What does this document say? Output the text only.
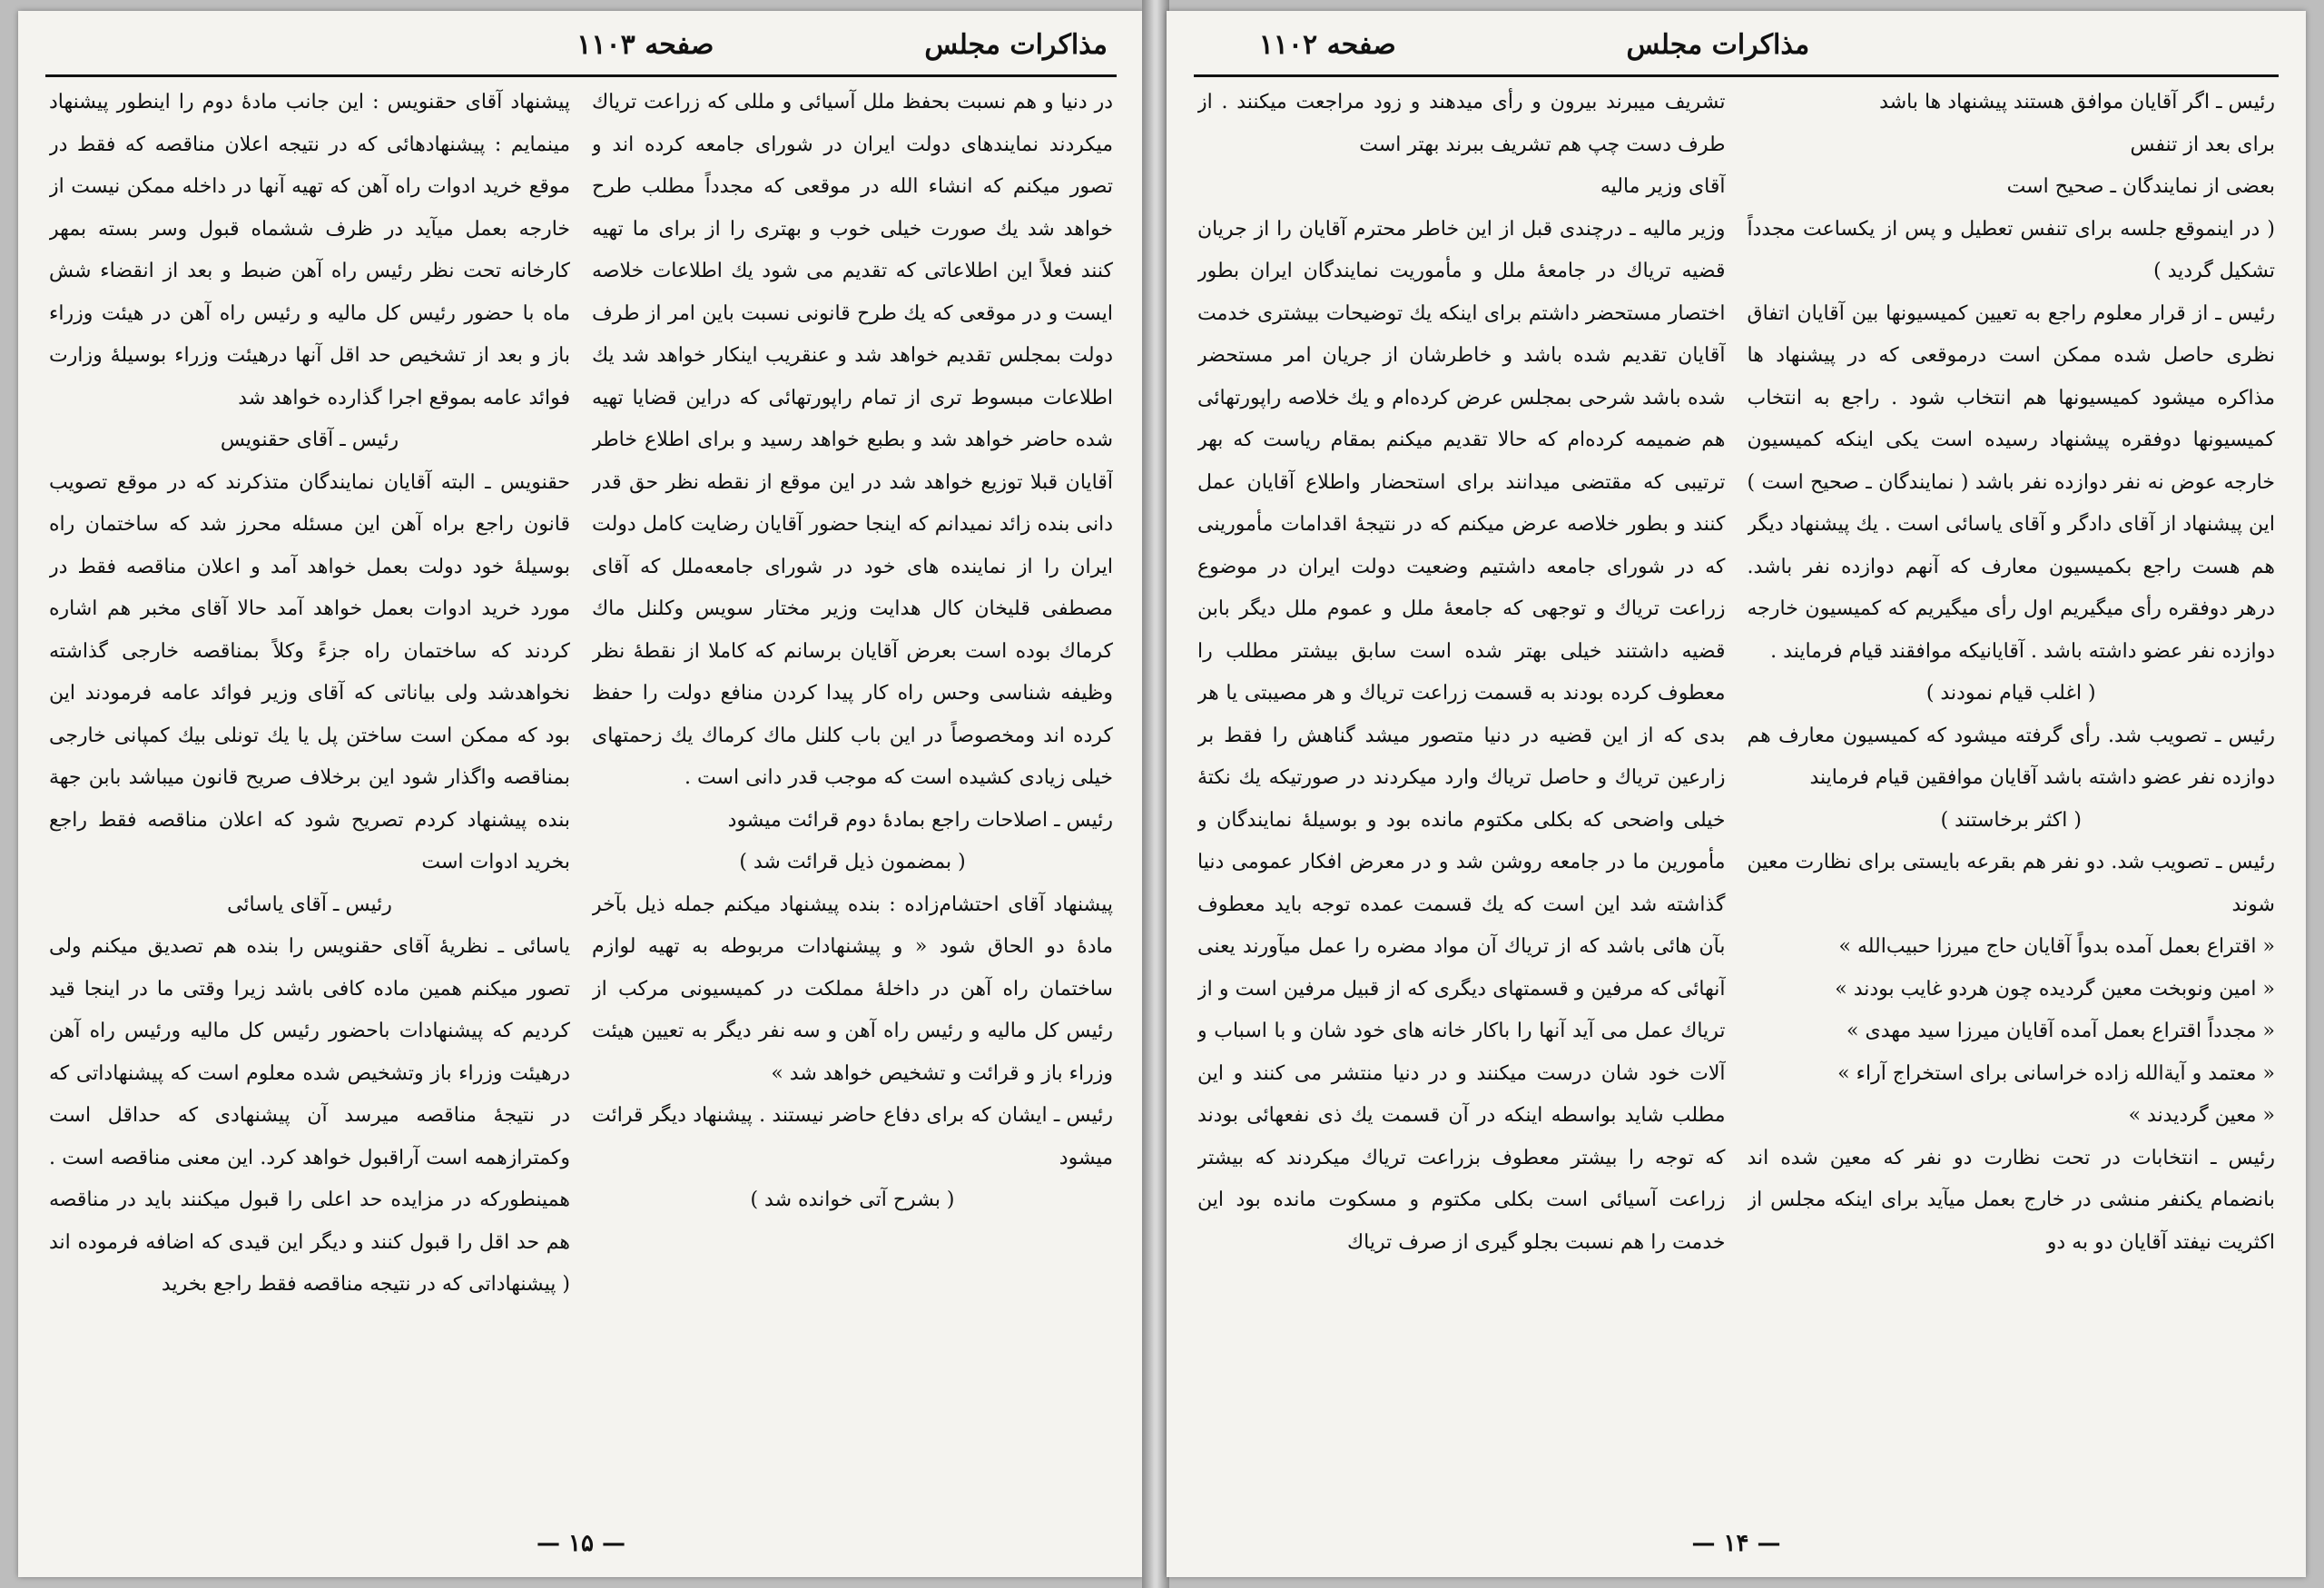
مذاکرات مجلس
صفحه ۱۱۰۳

در دنیا و هم نسبت بحفظ ملل آسیائی و مللی که زراعت تریاك میکردند نمایندهای دولت ایران در شورای جامعه کرده اند و تصور میکنم که انشاء الله در موقعی که مجدداً مطلب طرح خواهد شد یك صورت خیلی خوب و بهتری را از برای ما تهیه کنند فعلاً این اطلاعاتی که تقدیم می شود یك اطلاعات خلاصه ایست و در موقعی که یك طرح قانونی نسبت باین امر از طرف دولت بمجلس تقدیم خواهد شد و عنقریب اینکار خواهد شد یك اطلاعات مبسوط تری از تمام راپورتهائی که دراین قضایا تهیه شده حاضر خواهد شد و بطبع خواهد رسید و برای اطلاع خاطر آقایان قبلا توزیع خواهد شد در این موقع از نقطه نظر حق قدر دانی بنده زائد نمیدانم که اینجا حضور آقایان رضایت کامل دولت ایران را از نماینده های خود در شورای جامعه‌ملل که آقای مصطفی قلیخان کال هدایت وزیر مختار سویس وکلنل ماك کرماك بوده است بعرض آقایان برسانم که کاملا از نقطهٔ نظر وظیفه شناسی وحس راه کار پیدا کردن منافع دولت را حفظ کرده اند ومخصوصاً در این باب کلنل ماك کرماك یك زحمتهای خیلی زیادی کشیده است که موجب قدر دانی است .

رئیس ـ اصلاحات راجع بمادهٔ دوم قرائت میشود

( بمضمون ذیل قرائت شد )

پیشنهاد آقای احتشام‌زاده : بنده پیشنهاد میکنم جمله ذیل بآخر مادهٔ دو الحاق شود « و پیشنهادات مربوطه به تهیه لوازم ساختمان راه آهن در داخلهٔ مملکت در کمیسیونی مرکب از رئیس کل مالیه و رئیس راه آهن و سه نفر دیگر به تعیین هیئت وزراء باز و قرائت و تشخیص خواهد شد »

رئیس ـ ایشان که برای دفاع حاضر نیستند . پیشنهاد دیگر قرائت میشود

( بشرح آتی خوانده شد )

پیشنهاد آقای حقنویس : این جانب مادهٔ دوم را اینطور پیشنهاد مینمایم : پیشنهادهائی که در نتیجه اعلان مناقصه که فقط در موقع خرید ادوات راه آهن که تهیه آنها در داخله ممکن نیست از خارجه بعمل میآید در ظرف ششماه قبول وسر بسته بمهر کارخانه تحت نظر رئیس راه آهن ضبط و بعد از انقضاء شش ماه با حضور رئیس کل مالیه و رئیس راه آهن در هیئت وزراء باز و بعد از تشخیص حد اقل آنها درهیئت وزراء بوسیلهٔ وزارت فوائد عامه بموقع اجرا گذارده خواهد شد

رئیس ـ آقای حقنویس

حقنویس ـ البته آقایان نمایندگان متذکرند که در موقع تصویب قانون راجع براه آهن این مسئله محرز شد که ساختمان راه بوسیلهٔ خود دولت بعمل خواهد آمد و اعلان مناقصه فقط در مورد خرید ادوات بعمل خواهد آمد حالا آقای مخبر هم اشاره کردند که ساختمان راه جزءً وکلاً بمناقصه خارجی گذاشته نخواهدشد ولی بیاناتی که آقای وزیر فوائد عامه فرمودند این بود که ممکن است ساختن پل یا یك تونلی بیك کمپانی خارجی بمناقصه واگذار شود این برخلاف صریح قانون میباشد بابن جهة بنده پیشنهاد کردم تصریح شود که اعلان مناقصه فقط راجع بخرید ادوات است

رئیس ـ آقای یاسائی

یاسائی ـ نظریهٔ آقای حقنویس را بنده هم تصدیق میکنم ولی تصور میکنم همین ماده کافی باشد زیرا وقتی ما در اینجا قید کردیم که پیشنهادات باحضور رئیس کل مالیه ورئیس راه آهن درهیئت وزراء باز وتشخیص شده معلوم است که پیشنهاداتی که در نتیجهٔ مناقصه میرسد آن پیشنهادی که حداقل است وکمترازهمه است آراقبول خواهد کرد. این معنی مناقصه است . همینطورکه در مزایده حد اعلی را قبول میکنند باید در مناقصه هم حد اقل را قبول کنند و دیگر این قیدی که اضافه فرموده اند ( پیشنهاداتی که در نتیجه مناقصه فقط راجع بخرید

— ۱۵ —
مذاکرات مجلس
صفحه ۱۱۰۲

رئیس ـ اگر آقایان موافق هستند پیشنهاد ها باشد

برای بعد از تنفس

بعضی از نمایندگان ـ صحیح است

( در اینموقع جلسه برای تنفس تعطیل و پس از یکساعت مجدداً تشکیل گردید )

رئیس ـ از قرار معلوم راجع به تعیین کمیسیونها بین آقایان اتفاق نظری حاصل شده ممکن است درموقعی که در پیشنهاد ها مذاکره میشود کمیسیونها هم انتخاب شود . راجع به انتخاب کمیسیونها دوفقره پیشنهاد رسیده است یکی اینکه کمیسیون خارجه عوض نه نفر دوازده نفر باشد ( نمایندگان ـ صحیح است ) این پیشنهاد از آقای دادگر و آقای یاسائی است . یك پیشنهاد دیگر هم هست راجع بکمیسیون معارف که آنهم دوازده نفر باشد. درهر دوفقره رأی میگیریم اول رأی میگیریم که کمیسیون خارجه دوازده نفر عضو داشته باشد . آقایانیکه موافقند قیام فرمایند .

( اغلب قیام نمودند )

رئیس ـ تصویب شد. رأی گرفته میشود که کمیسیون معارف هم دوازده نفر عضو داشته باشد آقایان موافقین قیام فرمایند

( اکثر برخاستند )

رئیس ـ تصویب شد. دو نفر هم بقرعه بایستی برای نظارت معین شوند

« اقتراع بعمل آمده بدواً آقایان حاج میرزا حبیب‌الله »

« امین ونوبخت معین گردیده چون هردو غایب بودند »

« مجدداً اقتراع بعمل آمده آقایان میرزا سید مهدی »

« معتمد و آیة‌الله زاده خراسانی برای استخراج آراء »

« معین گردیدند »

رئیس ـ انتخابات در تحت نظارت دو نفر که معین شده اند بانضمام یکنفر منشی در خارج بعمل میآید برای اینکه مجلس از اکثریت نیفتد آقایان دو به دو

تشریف میبرند بیرون و رأی میدهند و زود مراجعت میکنند . از طرف دست چپ هم تشریف ببرند بهتر است

آقای وزیر مالیه

وزیر مالیه ـ درچندی قبل از این خاطر محترم آقایان را از جریان قضیه تریاك در جامعهٔ ملل و مأموریت نمایندگان ایران بطور اختصار مستحضر داشتم برای اینکه یك توضیحات بیشتری خدمت آقایان تقدیم شده باشد و خاطرشان از جریان امر مستحضر شده باشد شرحی بمجلس عرض کرده‌ام و یك خلاصه راپورتهائی هم ضمیمه کرده‌ام که حالا تقدیم میکنم بمقام ریاست که بهر ترتیبی که مقتضی میدانند برای استحضار واطلاع آقایان عمل کنند و بطور خلاصه عرض میکنم که در نتیجهٔ اقدامات مأمورینی که در شورای جامعه داشتیم وضعیت دولت ایران در موضوع زراعت تریاك و توجهی که جامعهٔ ملل و عموم ملل دیگر بابن قضیه داشتند خیلی بهتر شده است سابق بیشتر مطلب را معطوف کرده بودند به قسمت زراعت تریاك و هر مصیبتی یا هر بدی که از این قضیه در دنیا متصور میشد گناهش را فقط بر زارعین تریاك و حاصل تریاك وارد میکردند در صورتیکه یك نکتهٔ خیلی واضحی که بکلی مکتوم مانده بود و بوسیلهٔ نمایندگان و مأمورین ما در جامعه روشن شد و در معرض افکار عمومی دنیا گذاشته شد این است که یك قسمت عمده توجه باید معطوف بآن هائی باشد که از تریاك آن مواد مضره را عمل میآورند یعنی آنهائی که مرفین و قسمتهای دیگری که از قبیل مرفین است و از تریاك عمل می آید آنها را باکار خانه های خود شان و با اسباب و آلات خود شان درست میکنند و در دنیا منتشر می کنند و این مطلب شاید بواسطه اینکه در آن قسمت یك ذی نفعهائی بودند که توجه را بیشتر معطوف بزراعت تریاك میکردند که بیشتر زراعت آسیائی است بکلی مکتوم و مسکوت مانده بود این خدمت را هم نسبت بجلو گیری از صرف تریاك

— ۱۴ —
